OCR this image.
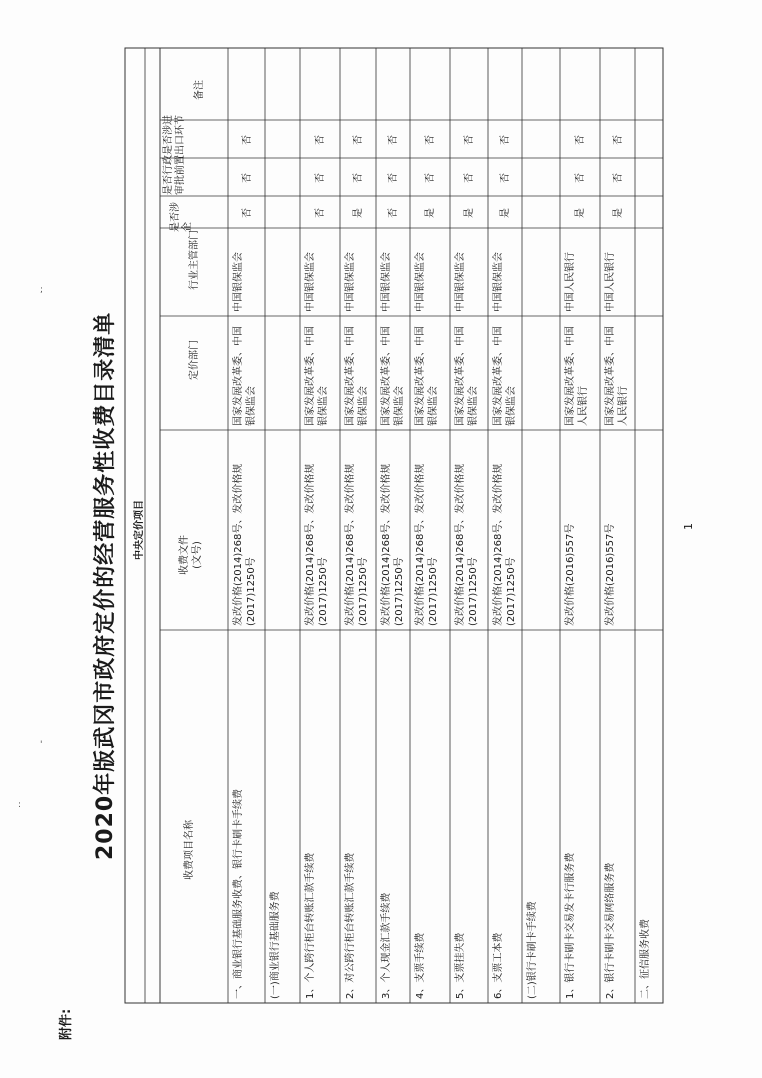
附件:
2020年版武冈市政府定价的经营服务性收费目录清单	1
中央定价项目
收费项目名称
收费文件
(文号)
定价部门
行业主管部门
是否涉企
是否行政审批前置
是否涉进出口环节
备注
一、商业银行基础服务收费、银行卡刷卡手续费
发改价格(2014)268号、发改价格规(2017)1250号
国家发展改革委、中国银保监会
中国银保监会
否
否
否
(一)商业银行基础服务费 1、个人跨行柜台转账汇款手续费
发改价格(2014)268号、发改价格规(2017)1250号
国家发展改革委、中国银保监会
中国银保监会
否
否
否
2、对公跨行柜台转账汇款手续费
发改价格(2014)268号、发改价格规(2017)1250号
国家发展改革委、中国银保监会
中国银保监会
是
否
否
3、个人现金汇款手续费
发改价格(2014)268号、发改价格规(2017)1250号
国家发展改革委、中国银保监会
中国银保监会
否
否
否
4、支票手续费
发改价格(2014)268号、发改价格规(2017)1250号
国家发展改革委、中国银保监会
中国银保监会
是
否
否
5、支票挂失费
发改价格(2014)268号、发改价格规(2017)1250号
国家发展改革委、中国银保监会
中国银保监会
是
否
否
6、支票工本费
发改价格(2014)268号、发改价格规(2017)1250号
国家发展改革委、中国银保监会
中国银保监会
是
否
否
(二)银行卡刷卡手续费	1、银行卡刷卡交易发卡行服务费
发改价格(2016)557号
国家发展改革委、中国人民银行
中国人民银行
是
否
否
2、银行卡刷卡交易网络服务费
发改价格(2016)557号
国家发展改革委、中国人民银行
中国人民银行
是
否
否
二、征信服务收费
:
'
;
